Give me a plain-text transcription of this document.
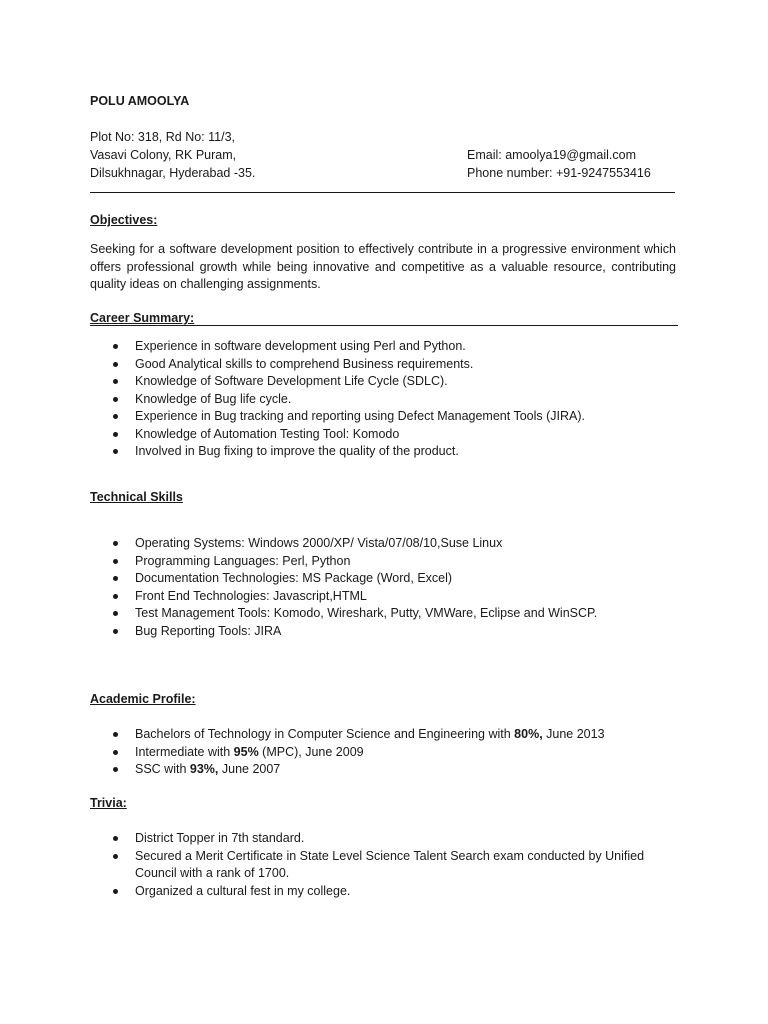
POLU AMOOLYA
Plot No: 318, Rd No: 11/3,
Vasavi Colony, RK Puram,
Dilsukhnagar, Hyderabad -35.
Email: amoolya19@gmail.com
Phone number: +91-9247553416
Objectives:
Seeking for a software development position to effectively contribute in a progressive environment which offers professional growth while being innovative and competitive as a valuable resource, contributing quality ideas on challenging assignments.
Career Summary:
Experience in software development using Perl and Python.
Good Analytical skills to comprehend Business requirements.
Knowledge of Software Development Life Cycle (SDLC).
Knowledge of Bug life cycle.
Experience in Bug tracking and reporting using Defect Management Tools (JIRA).
Knowledge of Automation Testing Tool: Komodo
Involved in Bug fixing to improve the quality of the product.
Technical Skills
Operating Systems: Windows 2000/XP/ Vista/07/08/10,Suse Linux
Programming Languages: Perl, Python
Documentation Technologies: MS Package (Word, Excel)
Front End Technologies: Javascript,HTML
Test Management Tools: Komodo, Wireshark, Putty, VMWare, Eclipse and WinSCP.
Bug Reporting Tools: JIRA
Academic Profile:
Bachelors of Technology in Computer Science and Engineering with 80%, June 2013
Intermediate with 95% (MPC), June 2009
SSC with 93%, June 2007
Trivia:
District Topper in 7th standard.
Secured a Merit Certificate in State Level Science Talent Search exam conducted by Unified Council with a rank of 1700.
Organized a cultural fest in my college.
